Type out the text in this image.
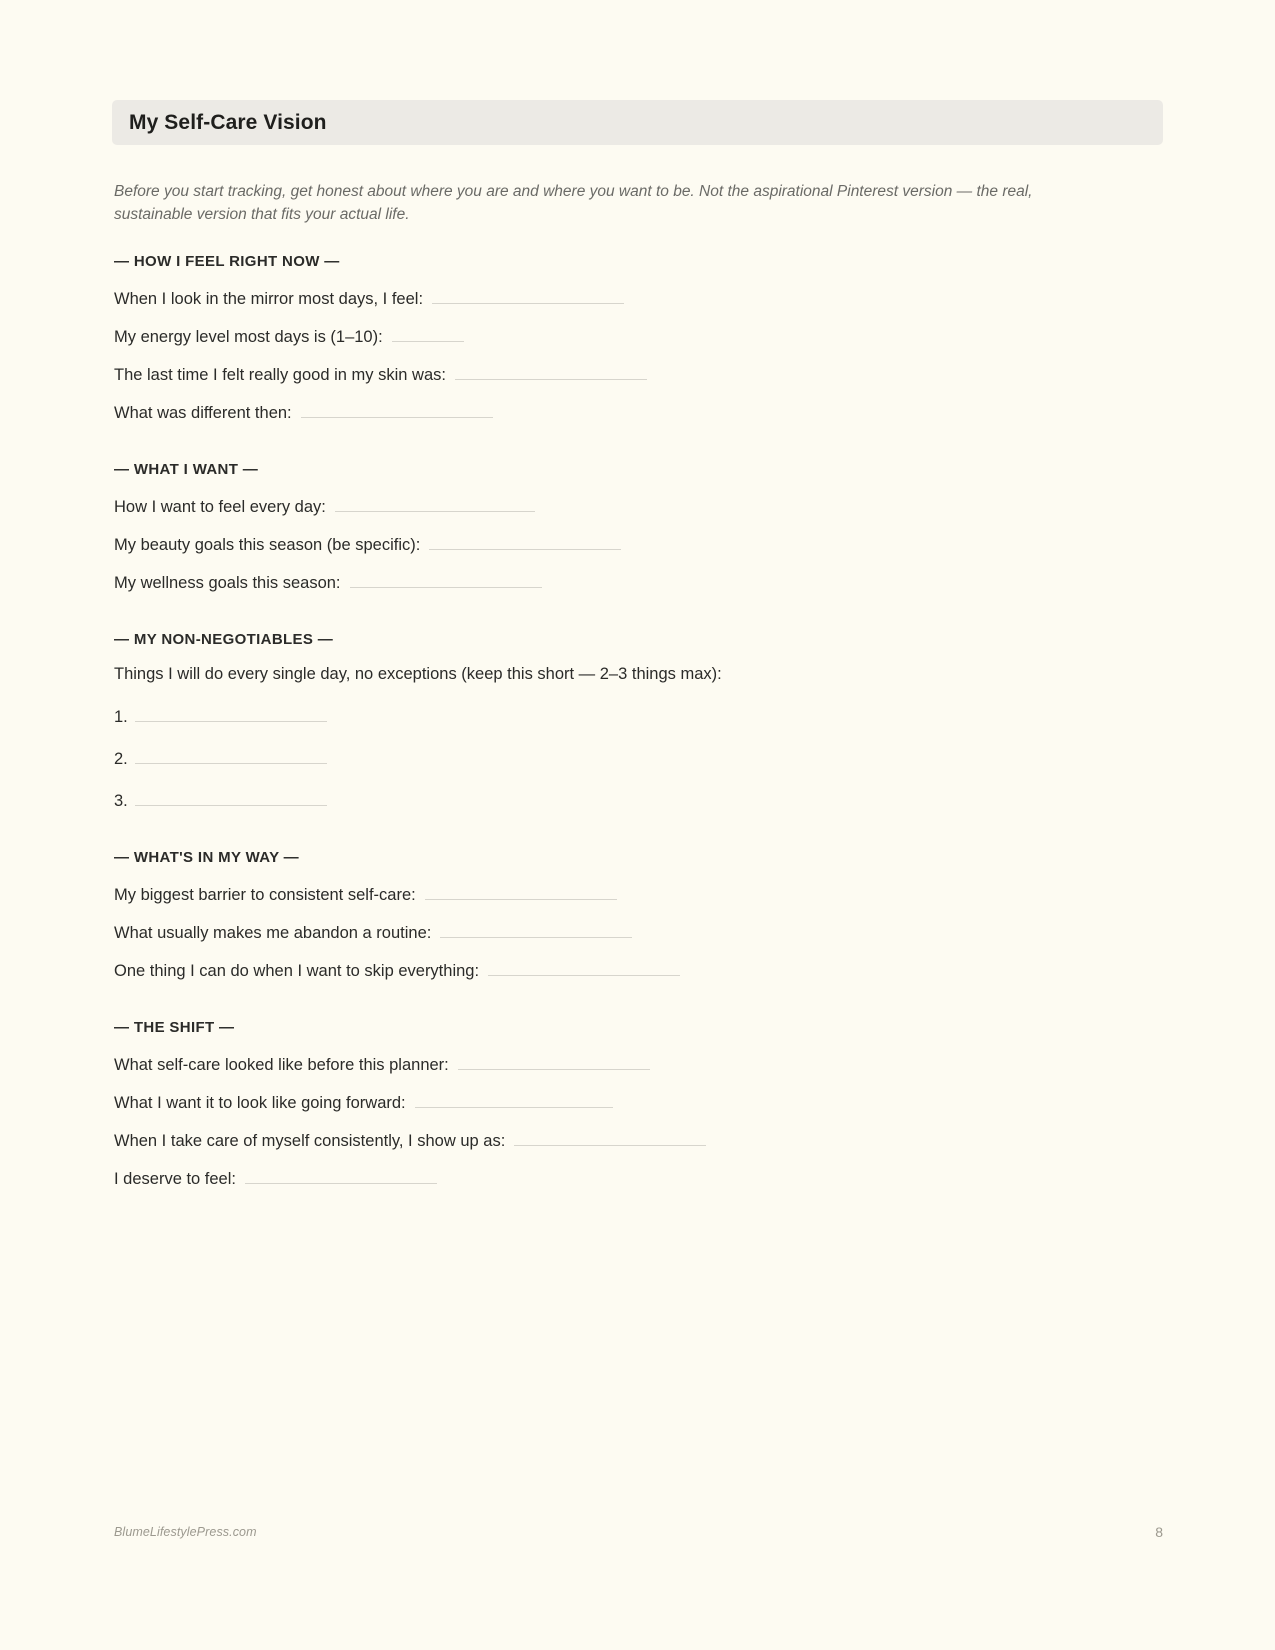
My Self-Care Vision

Before you start tracking, get honest about where you are and where you want to be. Not the aspirational Pinterest version — the real, sustainable version that fits your actual life.

— HOW I FEEL RIGHT NOW —
When I look in the mirror most days, I feel:
My energy level most days is (1–10):
The last time I felt really good in my skin was:
What was different then:
— WHAT I WANT —
How I want to feel every day:
My beauty goals this season (be specific):
My wellness goals this season:
— MY NON-NEGOTIABLES —
Things I will do every single day, no exceptions (keep this short — 2–3 things max):
1.
2.
3.
— WHAT'S IN MY WAY —
My biggest barrier to consistent self-care:
What usually makes me abandon a routine:
One thing I can do when I want to skip everything:
— THE SHIFT —
What self-care looked like before this planner:
What I want it to look like going forward:
When I take care of myself consistently, I show up as:
I deserve to feel:
BlumeLifestylePress.com	8
